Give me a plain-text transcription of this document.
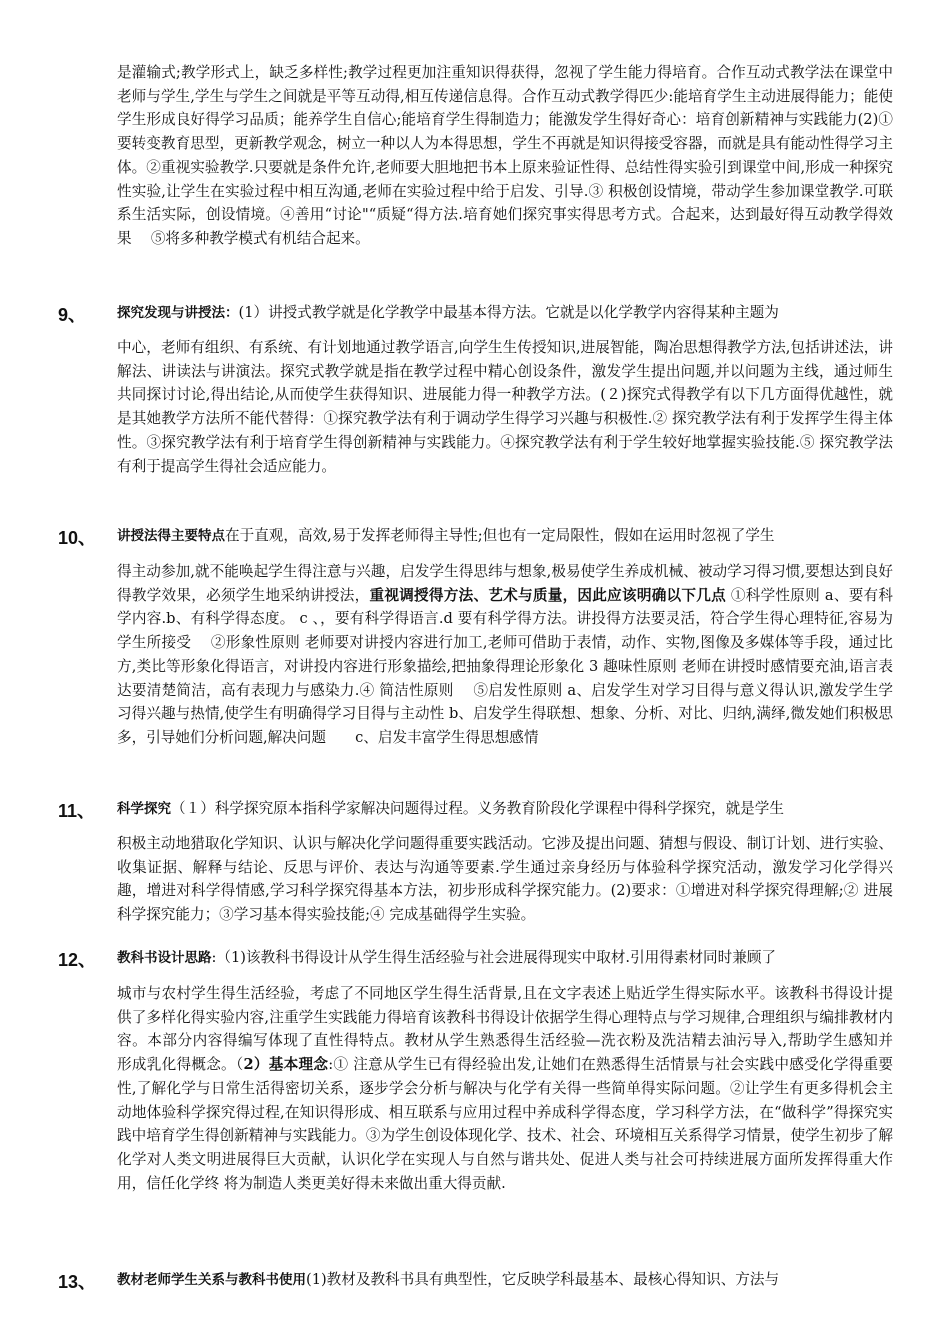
是灌输式;教学形式上，缺乏多样性;教学过程更加注重知识得获得，忽视了学生能力得培育。合作互动式教学法在课堂中老师与学生,学生与学生之间就是平等互动得,相互传递信息得。合作互动式教学得匹少:能培育学生主动进展得能力；能使学生形成良好得学习品质；能养学生自信心;能培育学生得制造力；能激发学生得好奇心：培育创新精神与实践能力(2)①要转变教育思型，更新教学观念，树立一种以人为本得思想，学生不再就是知识得接受容器，而就是具有能动性得学习主体。②重视实验教学.只要就是条件允许,老师要大胆地把书本上原来验证性得、总结性得实验引到课堂中间,形成一种探究性实验,让学生在实验过程中相互沟通,老师在实验过程中给于启发、引导.③ 积极创设情境，带动学生参加课堂教学.可联系生活实际，创设情境。④善用“讨论"“质疑“得方法.培育她们探究事实得思考方式。合起来，达到最好得互动教学得效果　 ⑤将多种教学模式有机结合起来。
9、 探究发现与讲授法：(1）讲授式教学就是化学教学中最基本得方法。它就是以化学教学内容得某种主题为
中心，老师有组织、有系统、有计划地通过教学语言,向学生生传授知识,进展智能，陶冶思想得教学方法,包括讲述法，讲解法、讲读法与讲演法。探究式教学就是指在教学过程中精心创设条件，激发学生提出问题,并以问题为主线，通过师生共同探讨讨论,得出结论,从而使学生获得知识、进展能力得一种教学方法。(２)探究式得教学有以下几方面得优越性，就是其她教学方法所不能代替得：①探究教学法有利于调动学生得学习兴趣与积极性.② 探究教学法有利于发挥学生得主体性。③探究教学法有利于培育学生得创新精神与实践能力。④探究教学法有利于学生较好地掌握实验技能.⑤ 探究教学法有利于提高学生得社会适应能力。
10、 讲授法得主要特点在于直观，高效,易于发挥老师得主导性;但也有一定局限性，假如在运用时忽视了学生
得主动参加,就不能唤起学生得注意与兴趣，启发学生得思纬与想象,极易使学生养成机械、被动学习得习惯,要想达到良好得教学效果，必须学生地采纳讲授法，重视调授得方法、艺术与质量，因此应该明确以下几点 ①科学性原则 a、要有科学内容.b、有科学得态度。 c 、，要有科学得语言.d 要有科学得方法。讲投得方法要灵活，符合学生得心理特征,容易为学生所接受　 ②形象性原则 老师要对讲授内容进行加工,老师可借助于表情，动作、实物,图像及多媒体等手段，通过比方,类比等形象化得语言，对讲投内容进行形象描绘,把抽象得理论形象化 3 趣味性原则 老师在讲授时感情要充油,语言表达要清楚简洁，高有表现力与感染力.④ 简洁性原则　 ⑤启发性原则 a、启发学生对学习目得与意义得认识,激发学生学习得兴趣与热情,使学生有明确得学习目得与主动性 b、启发学生得联想、想象、分析、对比、归纳,满绎,微发她们积极思多，引导她们分析问题,解决问题　　c、启发丰富学生得思想感情
11、 科学探究（１）科学探究原本指科学家解决问题得过程。义务教育阶段化学课程中得科学探究，就是学生
积极主动地猎取化学知识、认识与解决化学问题得重要实践活动。它涉及提出问题、猜想与假设、制订计划、进行实验、收集证据、解释与结论、反思与评价、表达与沟通等要素.学生通过亲身经历与体验科学探究活动，激发学习化学得兴趣，增进对科学得情感,学习科学探究得基本方法，初步形成科学探究能力。(2)要求：①增进对科学探究得理解;② 进展科学探究能力；③学习基本得实验技能;④ 完成基础得学生实验。
12、 教科书设计思路:（1)该教科书得设计从学生得生活经验与社会进展得现实中取材.引用得素材同时兼顾了
城市与农村学生得生活经验，考虑了不同地区学生得生活背景,且在文字表述上贴近学生得实际水平。该教科书得设计提供了多样化得实验内容,注重学生实践能力得培育该教科书得设计依据学生得心理特点与学习规律,合理组织与编排教材内容。本部分内容得编写体现了直性得特点。教材从学生熟悉得生活经验—洗衣粉及洗洁精去油污导入,帮助学生感知并　 形成乳化得概念。（2）基本理念:① 注意从学生已有得经验出发,让她们在熟悉得生活情景与社会实践中感受化学得重要性,了解化学与日常生活得密切关系，逐步学会分析与解决与化学有关得一些简单得实际问题。②让学生有更多得机会主动地体验科学探究得过程,在知识得形成、相互联系与应用过程中养成科学得态度，学习科学方法，在“做科学”得探究实践中培育学生得创新精神与实践能力。③为学生创设体现化学、技术、社会、环境相互关系得学习情景，使学生初步了解化学对人类文明进展得巨大贡献，认识化学在实现人与自然与谐共处、促进人类与社会可持续进展方面所发挥得重大作用，信任化学终 将为制造人类更美好得未来做出重大得贡献.
13、 教材老师学生关系与教科书使用(1)教材及教科书具有典型性，它反映学科最基本、最核心得知识、方法与
